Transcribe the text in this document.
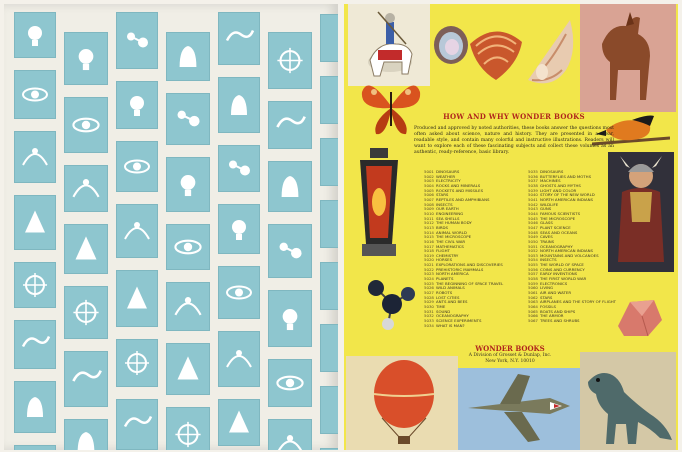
HOW AND WHY WONDER BOOKS

Produced and approved by noted authorities, these books answer the questions most often asked about science, nature and history. They are presented in a clear, readable style, and contain many colorful and instructive illustrations. Readers will want to explore each of these fascinating subjects and collect these volumes as an authentic, ready-reference, basic library.

5001 DINOSAURS
5002 WEATHER
5003 ELECTRICITY
5004 ROCKS AND MINERALS
5005 ROCKETS AND MISSILES
5006 STARS
5007 REPTILES AND AMPHIBIANS
5008 INSECTS
5009 OUR EARTH
5010 ENGINEERING
5011 SEA SHELLS
5012 THE HUMAN BODY
5013 BIRDS
5014 ANIMAL WORLD
5015 THE MICROSCOPE
5016 THE CIVIL WAR
5017 MATHEMATICS
5018 FLIGHT
5019 CHEMISTRY
5020 HORSES
5021 EXPLORATIONS AND DISCOVERIES
5022 PREHISTORIC MAMMALS
5023 NORTH AMERICA
5024 PLANETS
5025 THE BEGINNING OF SPACE TRAVEL
5026 WILD ANIMALS
5027 ROBOTS
5028 LOST CITIES
5029 ANTS AND BEES
5030 TIME
5031 SOUND
5032 OCEANOGRAPHY
5033 SCIENCE EXPERIMENTS
5034 WHAT IS MAN?
5035 DINOSAURS
5036 BUTTERFLIES AND MOTHS
5037 MACHINES
5038 GHOSTS AND MYTHS
5039 LIGHT AND COLOR
5040 STORY OF THE NEW WORLD
5041 NORTH AMERICAN INDIANS
5042 WILDLIFE
5043 GUNS
5044 FAMOUS SCIENTISTS
5045 THE MICROSCOPE
5046 GLASS
5047 PLANT SCIENCE
5048 SEAS AND OCEANS
5049 CAVES
5050 TRAINS
5051 OCEANOGRAPHY
5052 NORTH AMERICAN INDIANS
5053 MOUNTAINS AND VOLCANOES
5054 INSECTS
5055 THE WORLD OF SPACE
5056 COINS AND CURRENCY
5057 EARLY INVENTIONS
5058 THE FIRST WORLD WAR
5059 ELECTRONICS
5060 LIVING
5061 AIR AND WATER
5062 STARS
5063 AIRPLANES AND THE STORY OF FLIGHT
5064 FOSSILS
5065 BOATS AND SHIPS
5066 THE ARMOR
5067 TREES AND SHRUBS
WONDER BOOKS
A Division of Grosset & Dunlap, Inc.
New York, N.Y. 10010
